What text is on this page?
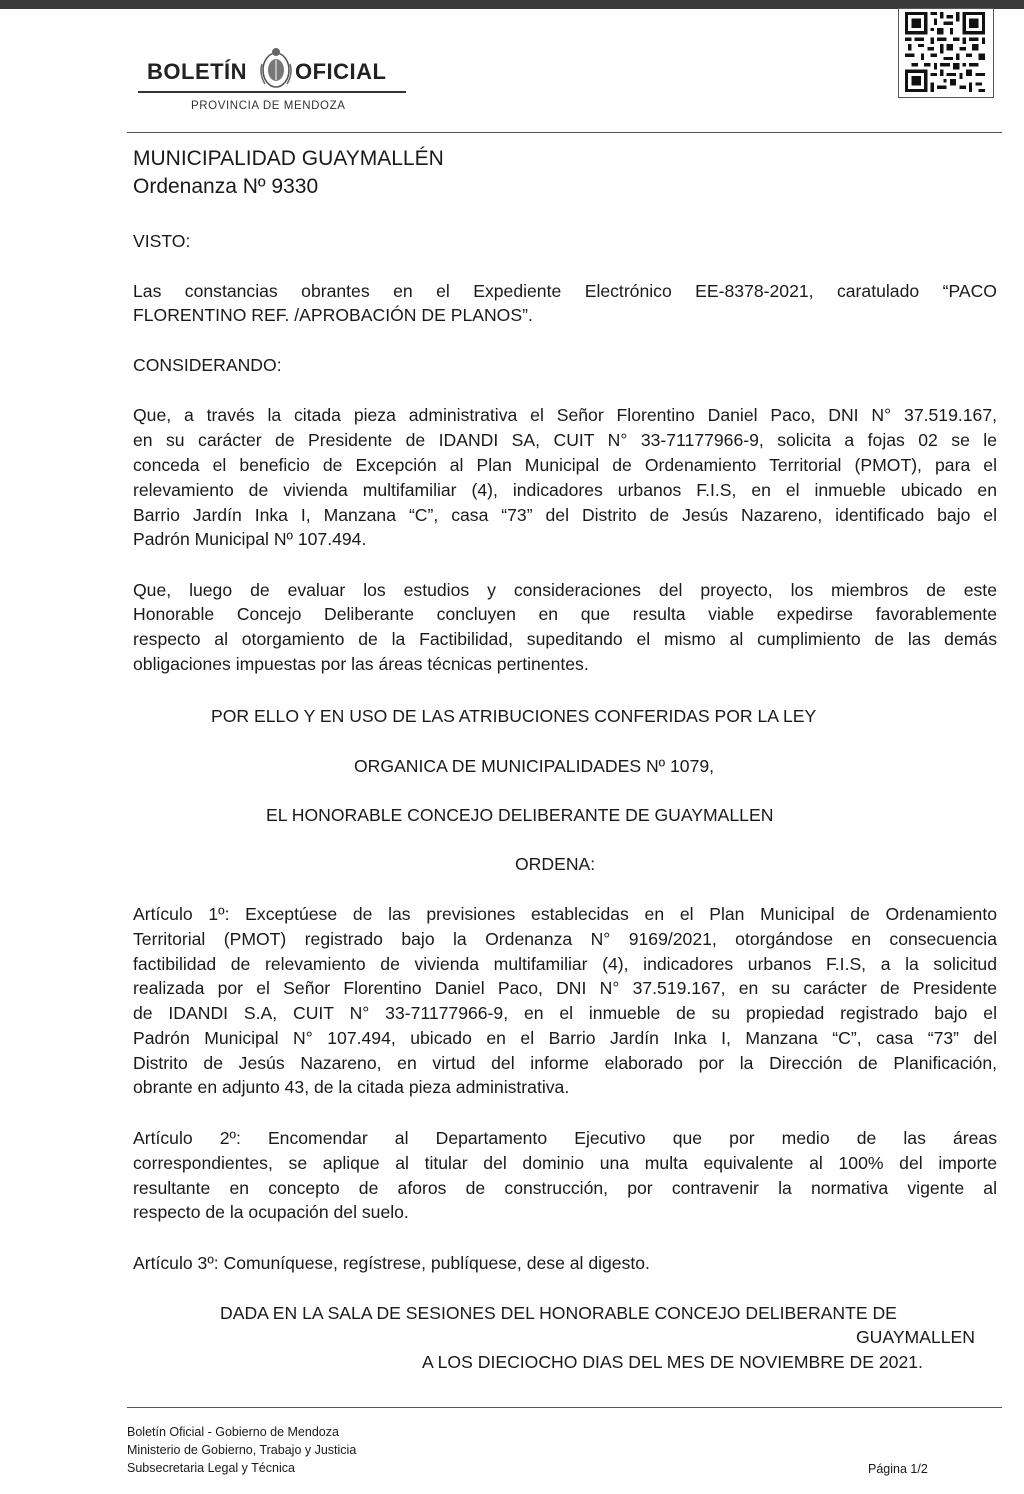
BOLETÍN OFICIAL
PROVINCIA DE MENDOZA
MUNICIPALIDAD GUAYMALLÉN
Ordenanza Nº 9330
VISTO:
Las constancias obrantes en el Expediente Electrónico EE-8378-2021, caratulado “PACO
FLORENTINO REF. /APROBACIÓN DE PLANOS”.
CONSIDERANDO:
Que, a través la citada pieza administrativa el Señor Florentino Daniel Paco, DNI N° 37.519.167,
en su carácter de Presidente de IDANDI SA, CUIT N° 33-71177966-9, solicita a fojas 02 se le
conceda el beneficio de Excepción al Plan Municipal de Ordenamiento Territorial (PMOT), para el
relevamiento de vivienda multifamiliar (4), indicadores urbanos F.I.S, en el inmueble ubicado en
Barrio Jardín Inka I, Manzana “C”, casa “73” del Distrito de Jesús Nazareno, identificado bajo el
Padrón Municipal Nº 107.494.
Que, luego de evaluar los estudios y consideraciones del proyecto, los miembros de este
Honorable Concejo Deliberante concluyen en que resulta viable expedirse favorablemente
respecto al otorgamiento de la Factibilidad, supeditando el mismo al cumplimiento de las demás
obligaciones impuestas por las áreas técnicas pertinentes.
POR ELLO Y EN USO DE LAS ATRIBUCIONES CONFERIDAS POR LA LEY
ORGANICA DE MUNICIPALIDADES Nº 1079,
EL HONORABLE CONCEJO DELIBERANTE DE GUAYMALLEN
ORDENA:
Artículo 1º: Exceptúese de las previsiones establecidas en el Plan Municipal de Ordenamiento
Territorial (PMOT) registrado bajo la Ordenanza N° 9169/2021, otorgándose en consecuencia
factibilidad de relevamiento de vivienda multifamiliar (4), indicadores urbanos F.I.S, a la solicitud
realizada por el Señor Florentino Daniel Paco, DNI N° 37.519.167, en su carácter de Presidente
de IDANDI S.A, CUIT N° 33-71177966-9, en el inmueble de su propiedad registrado bajo el
Padrón Municipal N° 107.494, ubicado en el Barrio Jardín Inka I, Manzana “C”, casa “73” del
Distrito de Jesús Nazareno, en virtud del informe elaborado por la Dirección de Planificación,
obrante en adjunto 43, de la citada pieza administrativa.
Artículo 2º: Encomendar al Departamento Ejecutivo que por medio de las áreas
correspondientes, se aplique al titular del dominio una multa equivalente al 100% del importe
resultante en concepto de aforos de construcción, por contravenir la normativa vigente al
respecto de la ocupación del suelo.
Artículo 3º: Comuníquese, regístrese, publíquese, dese al digesto.
DADA EN LA SALA DE SESIONES DEL HONORABLE CONCEJO DELIBERANTE DE
GUAYMALLEN
A LOS DIECIOCHO DIAS DEL MES DE NOVIEMBRE DE 2021.
Boletín Oficial - Gobierno de Mendoza
Ministerio de Gobierno, Trabajo y Justicia
Subsecretaria Legal y Técnica	Página 1/2
